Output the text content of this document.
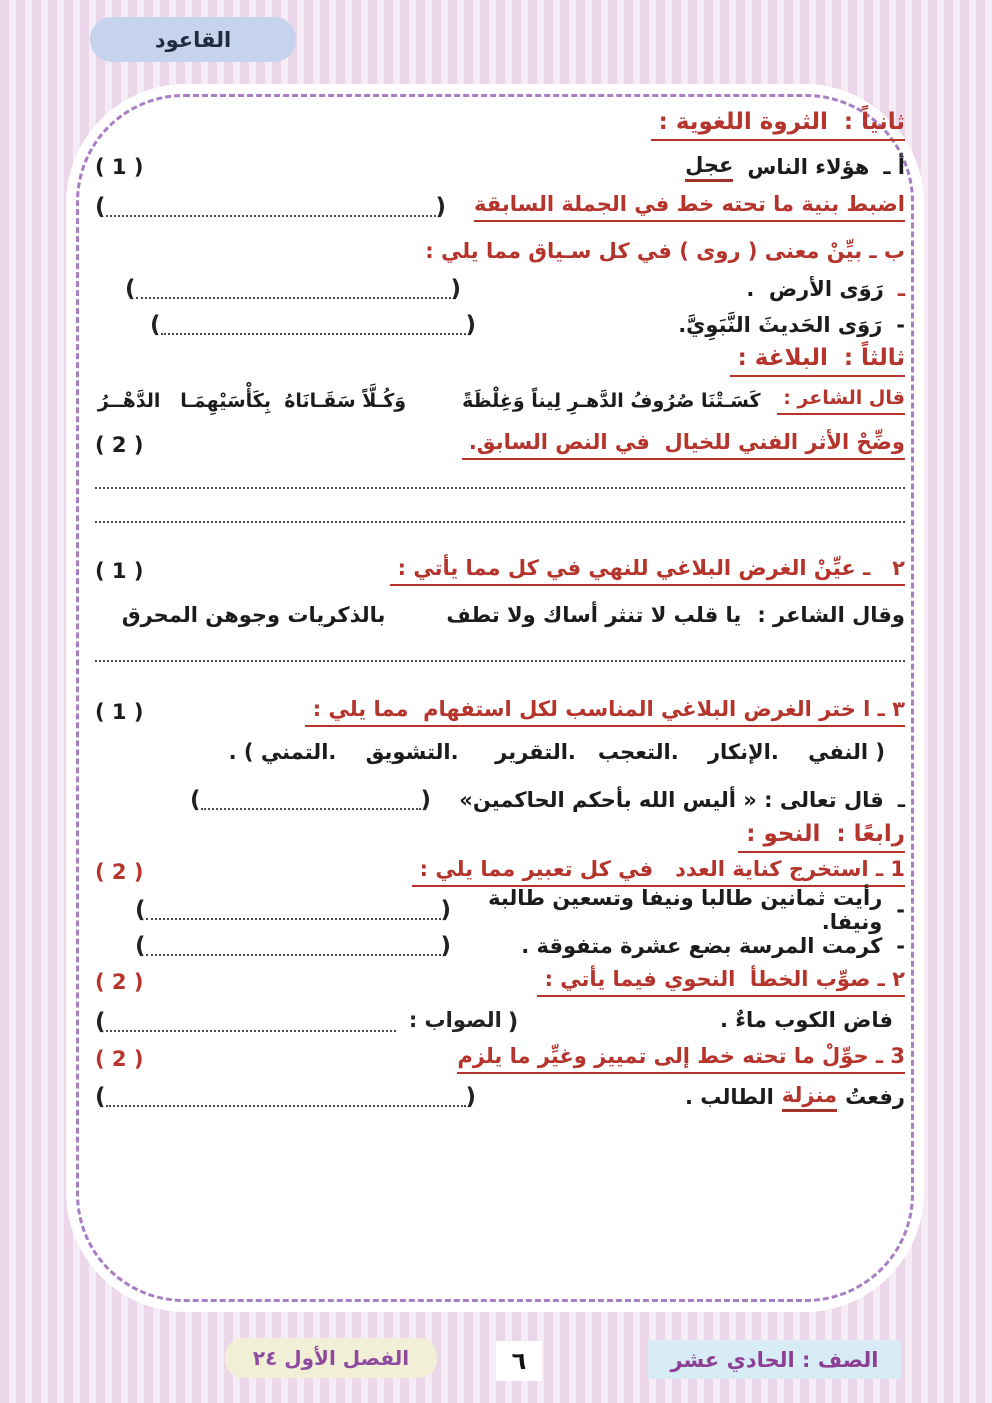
القاعود
ثانياً :  الثروة اللغوية :
أ ـ
هؤلاء الناس
عجل
( 1 )
اضبط بنية ما تحته خط في الجملة السابقة
(	)
ب ـ بيِّنْ معنى ( روى ) في كل سـياق مما يلي :
ـ
رَوَى الأرض  .
(	)
-
رَوَى الحَديثَ النَّبَوِيَّ.
(	)
ثالثاً :  البلاغة :
قال الشاعر :
كَسَـتْنَا صُرُوفُ الدَّهـرِ لِيناً وَغِلْظَةً
وَكُـلَّاً سَقَـانَاهُ  بِكَأْسَيْهِمَـا   الدَّهْــرُ
وضِّحْ الأثر الفني للخيال  في النص السابق.
( 2 )
٢   ـ عيِّنْ الغرض البلاغي للنهي في كل مما يأتي :
( 1 )
وقال الشاعر :
يا قلب لا تنثر أساك ولا تطف
بالذكريات وجوهن المحرق
٣ ـ ا ختر الغرض البلاغي المناسب لكل استفهام  مما يلي :
( 1 )
( النفي    .الإنكار    .التعجب   .التقرير     .التشويق    .التمني ) .
ـ
قال تعالى : « أليس الله بأحكم الحاكمين»
(	)
رابعًا :  النحو :
1 ـ استخرج كناية العدد   في كل تعبير مما يلي :
( 2 )
-
رأيت ثمانين طالبا ونيفا وتسعين طالبة ونيفا.
(	)
-
كرمت المرسة بضع عشرة متفوقة .
(	)
٢ ـ صوِّب الخطأ  النحوي فيما يأتي :
( 2 )
فاض الكوب ماءٌ .
(	الصواب : )
3 ـ حوِّلْ ما تحته خط إلى تمييز وغيِّر ما يلزم
( 2 )
رفعتُ
منزلة
الطالب .
(	)
الفصل الأول ٢٤	٦	الصف : الحادي عشر
